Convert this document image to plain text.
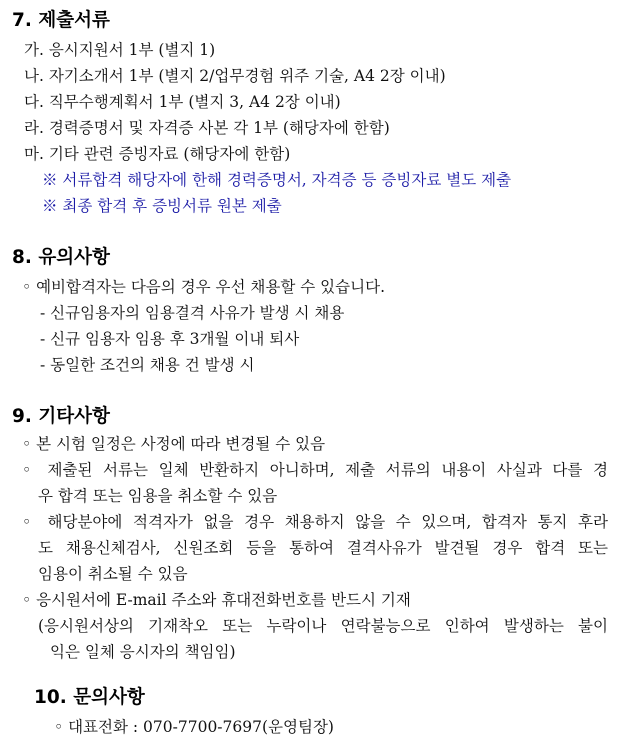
7. 제출서류
가. 응시지원서 1부 (별지 1)
나. 자기소개서 1부 (별지 2/업무경험 위주 기술, A4 2장 이내)
다. 직무수행계획서 1부 (별지 3, A4 2장 이내)
라. 경력증명서 및 자격증 사본 각 1부 (해당자에 한함)
마. 기타 관련 증빙자료 (해당자에 한함)
※ 서류합격 해당자에 한해 경력증명서, 자격증 등 증빙자료 별도 제출
※ 최종 합격 후 증빙서류 원본 제출
8. 유의사항
◦ 예비합격자는 다음의 경우 우선 채용할 수 있습니다.
- 신규임용자의 임용결격 사유가 발생 시 채용
- 신규 임용자 임용 후 3개월 이내 퇴사
- 동일한 조건의 채용 건 발생 시
9. 기타사항
◦ 본 시험 일정은 사정에 따라 변경될 수 있음
◦ 제출된 서류는 일체 반환하지 아니하며, 제출 서류의 내용이 사실과 다를 경
우 합격 또는 임용을 취소할 수 있음
◦ 해당분야에 적격자가 없을 경우 채용하지 않을 수 있으며, 합격자 통지 후라
도 채용신체검사, 신원조회 등을 통하여 결격사유가 발견될 경우 합격 또는
임용이 취소될 수 있음
◦ 응시원서에 E-mail 주소와 휴대전화번호를 반드시 기재
(응시원서상의 기재착오 또는 누락이나 연락불능으로 인하여 발생하는 불이
익은 일체 응시자의 책임임)
10. 문의사항
◦ 대표전화 : 070-7700-7697(운영팀장)
